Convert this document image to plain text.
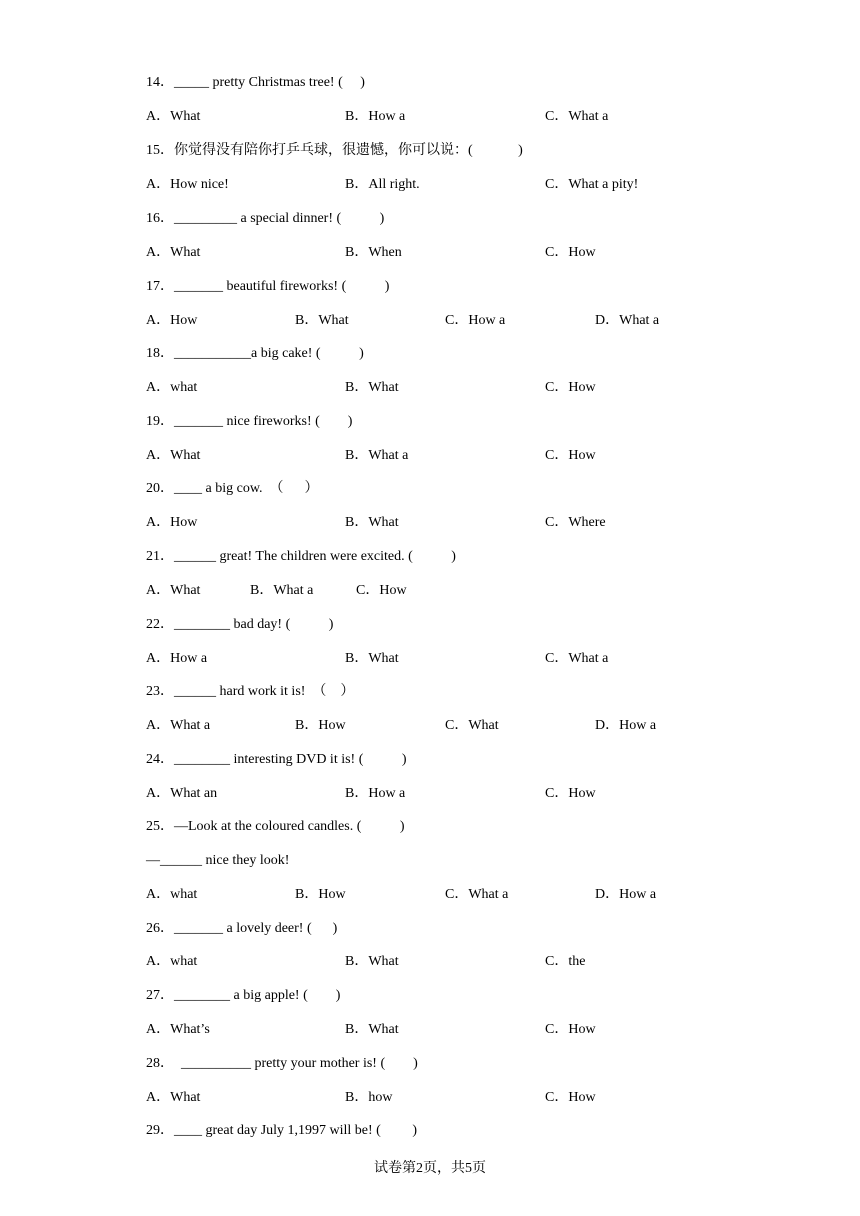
14．_____ pretty Christmas tree! (     )
A．What	B．How a	C．What a
15．你觉得没有陪你打乒乓球，很遗憾，你可以说：(             )
A．How nice!	B．All right.	C．What a pity!
16．_________ a special dinner! (           )
A．What	B．When	C．How
17．_______ beautiful fireworks! (           )
A．How	B．What	C．How a	D．What a
18．___________a big cake! (           )
A．what	B．What	C．How
19．_______ nice fireworks! (        )
A．What	B．What a	C．How
20．____ a big cow.  （      ）
A．How	B．What	C．Where
21．______ great! The children were excited. (           )
A．What	B．What a	C．How
22．________ bad day! (           )
A．How a	B．What	C．What a
23．______ hard work it is!  （    ）
A．What a	B．How	C．What	D．How a
24．________ interesting DVD it is! (           )
A．What an	B．How a	C．How
25．—Look at the coloured candles. (           )
—______ nice they look!
A．what	B．How	C．What a	D．How a
26．_______ a lovely deer! (      )
A．what	B．What	C．the
27．________ a big apple! (        )
A．What’s	B．What	C．How
28．  __________ pretty your mother is! (        )
A．What	B．how	C．How
29．____ great day July 1,1997 will be! (         )
试卷第2页，共5页
